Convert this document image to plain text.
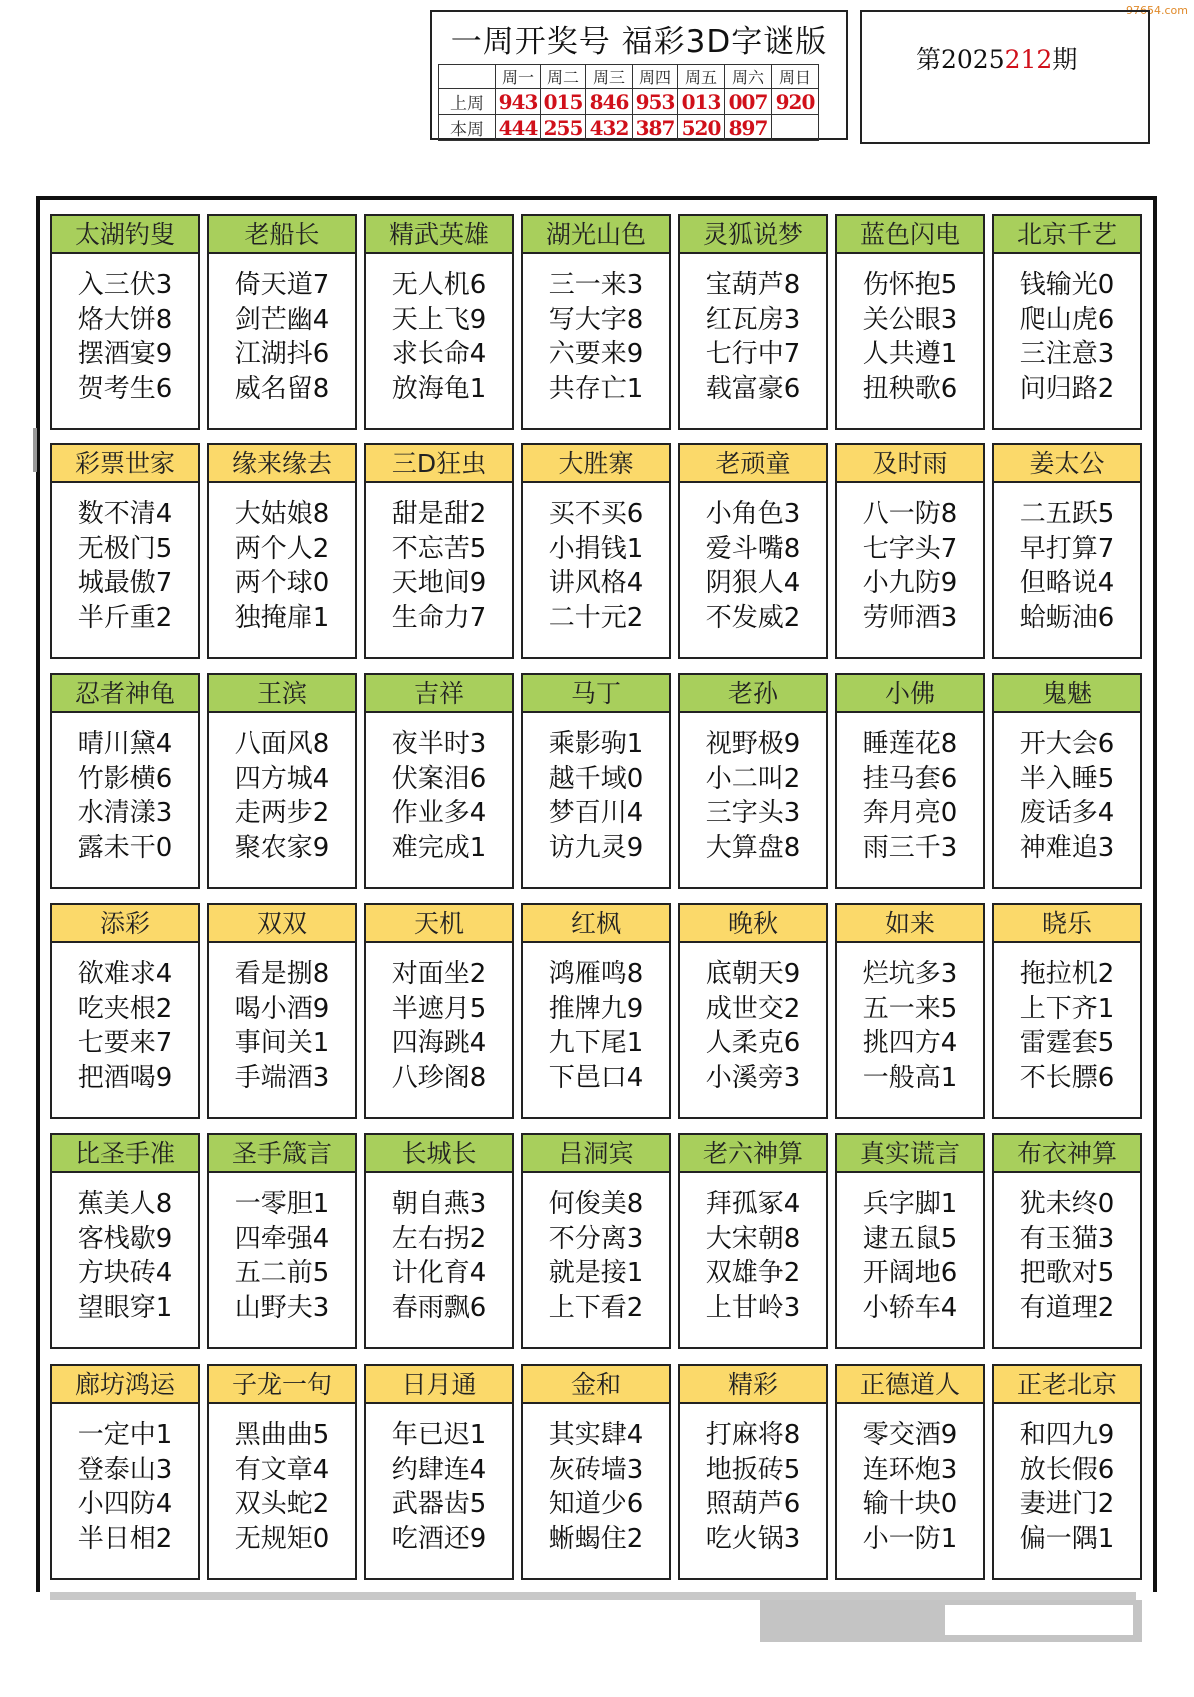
97654.com
一周开奖号 福彩3D字谜版
	周一	周二	周三	周四	周五	周六	周日
上周	943	015	846	953	013	007	920
本周	444	255	432	387	520	897	
第2025212期
太湖钓叟
入三伏3
烙大饼8
摆酒宴9
贺考生6
老船长
倚天道7
剑芒幽4
江湖抖6
威名留8
精武英雄
无人机6
天上飞9
求长命4
放海龟1
湖光山色
三一来3
写大字8
六要来9
共存亡1
灵狐说梦
宝葫芦8
红瓦房3
七行中7
载富豪6
蓝色闪电
伤怀抱5
关公眼3
人共遵1
扭秧歌6
北京千艺
钱输光0
爬山虎6
三注意3
问归路2
彩票世家
数不清4
无极门5
城最傲7
半斤重2
缘来缘去
大姑娘8
两个人2
两个球0
独掩扉1
三D狂虫
甜是甜2
不忘苦5
天地间9
生命力7
大胜寨
买不买6
小捐钱1
讲风格4
二十元2
老顽童
小角色3
爱斗嘴8
阴狠人4
不发威2
及时雨
八一防8
七字头7
小九防9
劳师酒3
姜太公
二五跃5
早打算7
但略说4
蛤蛎油6
忍者神龟
晴川黛4
竹影横6
水清漾3
露未干0
王滨
八面风8
四方城4
走两步2
聚农家9
吉祥
夜半时3
伏案泪6
作业多4
难完成1
马丁
乘影驹1
越千域0
梦百川4
访九灵9
老孙
视野极9
小二叫2
三字头3
大算盘8
小佛
睡莲花8
挂马套6
奔月亮0
雨三千3
鬼魅
开大会6
半入睡5
废话多4
神难追3
添彩
欲难求4
吃夹根2
七要来7
把酒喝9
双双
看是捌8
喝小酒9
事间关1
手端酒3
天机
对面坐2
半遮月5
四海跳4
八珍阁8
红枫
鸿雁鸣8
推牌九9
九下尾1
下邑口4
晚秋
底朝天9
成世交2
人柔克6
小溪旁3
如来
烂坑多3
五一来5
挑四方4
一般高1
晓乐
拖拉机2
上下齐1
雷霆套5
不长膘6
比圣手准
蕉美人8
客栈歇9
方块砖4
望眼穿1
圣手箴言
一零胆1
四牵强4
五二前5
山野夫3
长城长
朝自燕3
左右拐2
计化育4
春雨飘6
吕洞宾
何俊美8
不分离3
就是接1
上下看2
老六神算
拜孤冢4
大宋朝8
双雄争2
上甘岭3
真实谎言
兵字脚1
逮五鼠5
开阔地6
小轿车4
布衣神算
犹未终0
有玉猫3
把歌对5
有道理2
廊坊鸿运
一定中1
登泰山3
小四防4
半日相2
子龙一句
黑曲曲5
有文章4
双头蛇2
无规矩0
日月通
年已迟1
约肆连4
武器齿5
吃酒还9
金和
其实肆4
灰砖墙3
知道少6
蜥蝎住2
精彩
打麻将8
地扳砖5
照葫芦6
吃火锅3
正德道人
零交酒9
连环炮3
输十块0
小一防1
正老北京
和四九9
放长假6
妻进门2
偏一隅1
